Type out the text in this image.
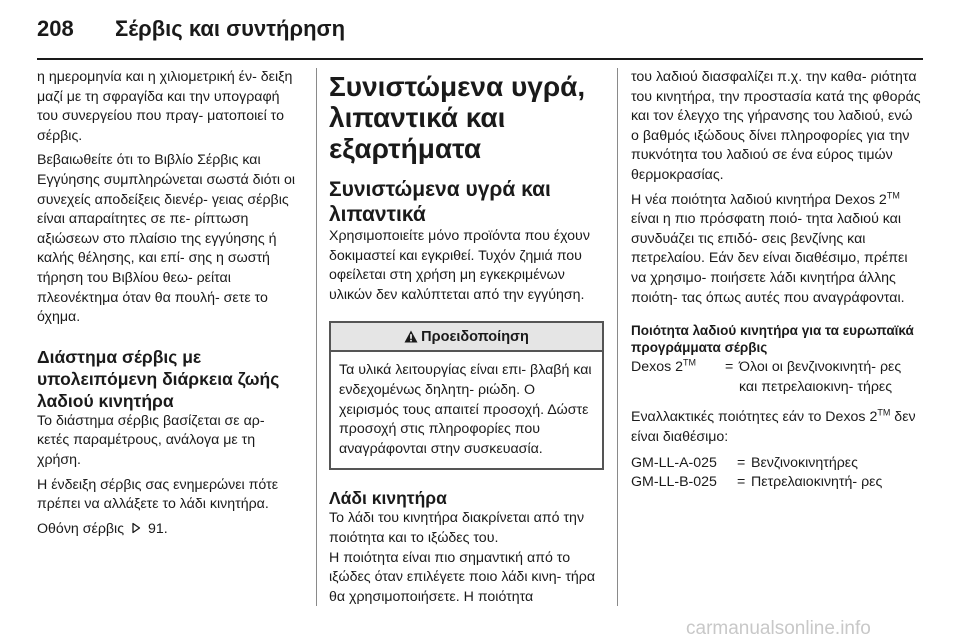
208 Σέρβις και συντήρηση

η ημερομηνία και η χιλιομετρική έν- δειξη μαζί με τη σφραγίδα και την υπογραφή του συνεργείου που πραγ- ματοποιεί το σέρβις.

Βεβαιωθείτε ότι το Βιβλίο Σέρβις και Εγγύησης συμπληρώνεται σωστά διότι οι συνεχείς αποδείξεις διενέρ- γειας σέρβις είναι απαραίτητες σε πε- ρίπτωση αξιώσεων στο πλαίσιο της εγγύησης ή καλής θέλησης, και επί- σης η σωστή τήρηση του Βιβλίου θεω- ρείται πλεονέκτημα όταν θα πουλή- σετε το όχημα.

Διάστημα σέρβις με υπολειπόμενη διάρκεια ζωής λαδιού κινητήρα

Το διάστημα σέρβις βασίζεται σε αρ- κετές παραμέτρους, ανάλογα με τη χρήση.

Η ένδειξη σέρβις σας ενημερώνει πότε πρέπει να αλλάξετε το λάδι κινητήρα.

Οθόνη σέρβις 91.

Συνιστώμενα υγρά, λιπαντικά και εξαρτήματα
Συνιστώμενα υγρά και λιπαντικά

Χρησιμοποιείτε μόνο προϊόντα που έχουν δοκιμαστεί και εγκριθεί. Τυχόν ζημιά που οφείλεται στη χρήση μη εγκεκριμένων υλικών δεν καλύπτεται από την εγγύηση.

Προειδοποίηση

Τα υλικά λειτουργίας είναι επι- βλαβή και ενδεχομένως δηλητη- ριώδη. Ο χειρισμός τους απαιτεί προσοχή. Δώστε προσοχή στις πληροφορίες που αναγράφονται στην συσκευασία.

Λάδι κινητήρα

Το λάδι του κινητήρα διακρίνεται από την ποιότητα και το ιξώδες του.

Η ποιότητα είναι πιο σημαντική από το ιξώδες όταν επιλέγετε ποιο λάδι κινη- τήρα θα χρησιμοποιήσετε. Η ποιότητα

του λαδιού διασφαλίζει π.χ. την καθα- ριότητα του κινητήρα, την προστασία κατά της φθοράς και τον έλεγχο της γήρανσης του λαδιού, ενώ ο βαθμός ιξώδους δίνει πληροφορίες για την πυκνότητα του λαδιού σε ένα εύρος τιμών θερμοκρασίας.

Η νέα ποιότητα λαδιού κινητήρα Dexos 2™ είναι η πιο πρόσφατη ποιό- τητα λαδιού και συνδυάζει τις επιδό- σεις βενζίνης και πετρελαίου. Εάν δεν είναι διαθέσιμο, πρέπει να χρησιμο- ποιήσετε λάδι κινητήρα άλλης ποιότη- τας όπως αυτές που αναγράφονται.

Ποιότητα λαδιού κινητήρα για τα ευρωπαϊκά προγράμματα σέρβις
Dexos 2™	= Όλοι οι βενζινοκινητή- ρες και πετρελαιοκινη- τήρες

Εναλλακτικές ποιότητες εάν το Dexos 2™ δεν είναι διαθέσιμο:

GM-LL-A-025	= Βενζινοκινητήρες
GM-LL-B-025	= Πετρελαιοκινητή- ρες
carmanualsonline.info
